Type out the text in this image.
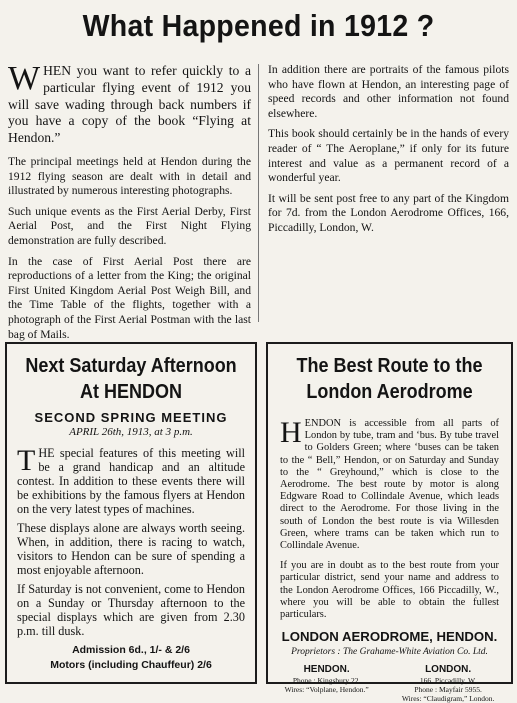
What Happened in 1912 ?

WHEN you want to refer quickly to a particular flying event of 1912 you will save wading through back numbers if you have a copy of the book “Flying at Hendon.”

The principal meetings held at Hendon during the 1912 flying season are dealt with in detail and illustrated by numerous interesting photographs.

Such unique events as the First Aerial Derby, First Aerial Post, and the First Night Flying demonstration are fully described.

In the case of First Aerial Post there are reproductions of a letter from the King; the original First United Kingdom Aerial Post Weigh Bill, and the Time Table of the flights, together with a photograph of the First Aerial Postman with the last bag of Mails.

In addition there are portraits of the famous pilots who have flown at Hendon, an interesting page of speed records and other information not found elsewhere.

This book should certainly be in the hands of every reader of “ The Aeroplane,” if only for its future interest and value as a permanent record of a wonderful year.

It will be sent post free to any part of the Kingdom for 7d. from the London Aerodrome Offices, 166, Piccadilly, London, W.

Next Saturday Afternoon
At HENDON
SECOND SPRING MEETING
APRIL 26th, 1913, at 3 p.m.

THE special features of this meeting will be a grand handicap and an altitude contest. In addition to these events there will be exhibitions by the famous flyers at Hendon on the very latest types of machines.

These displays alone are always worth seeing. When, in addition, there is racing to watch, visitors to Hendon can be sure of spending a most enjoyable afternoon.

If Saturday is not convenient, come to Hendon on a Sunday or Thursday afternoon to the special displays which are given from 2.30 p.m. till dusk.

Admission 6d., 1/- & 2/6
Motors (including Chauffeur) 2/6
The Best Route to the
London Aerodrome

HENDON is accessible from all parts of London by tube, tram and ‘bus. By tube travel to Golders Green; where ‘buses can be taken to the “ Bell,” Hendon, or on Saturday and Sunday to the “ Greyhound,” which is close to the Aerodrome. The best route by motor is along Edgware Road to Collindale Avenue, which leads direct to the Aerodrome. For those living in the south of London the best route is via Willesden Green, where trams can be taken which run to Collindale Avenue.

If you are in doubt as to the best route from your particular district, send your name and address to the London Aerodrome Offices, 166 Piccadilly, W., where you will be able to obtain the fullest particulars.

LONDON AERODROME, HENDON.
Proprietors : The Grahame-White Aviation Co. Ltd.
HENDON.
Phone : Kingsbury 22.
Wires: “Volplane, Hendon.”
LONDON.
166, Piccadilly, W.
Phone : Mayfair 5955.
Wires: “Claudigram,” London.
